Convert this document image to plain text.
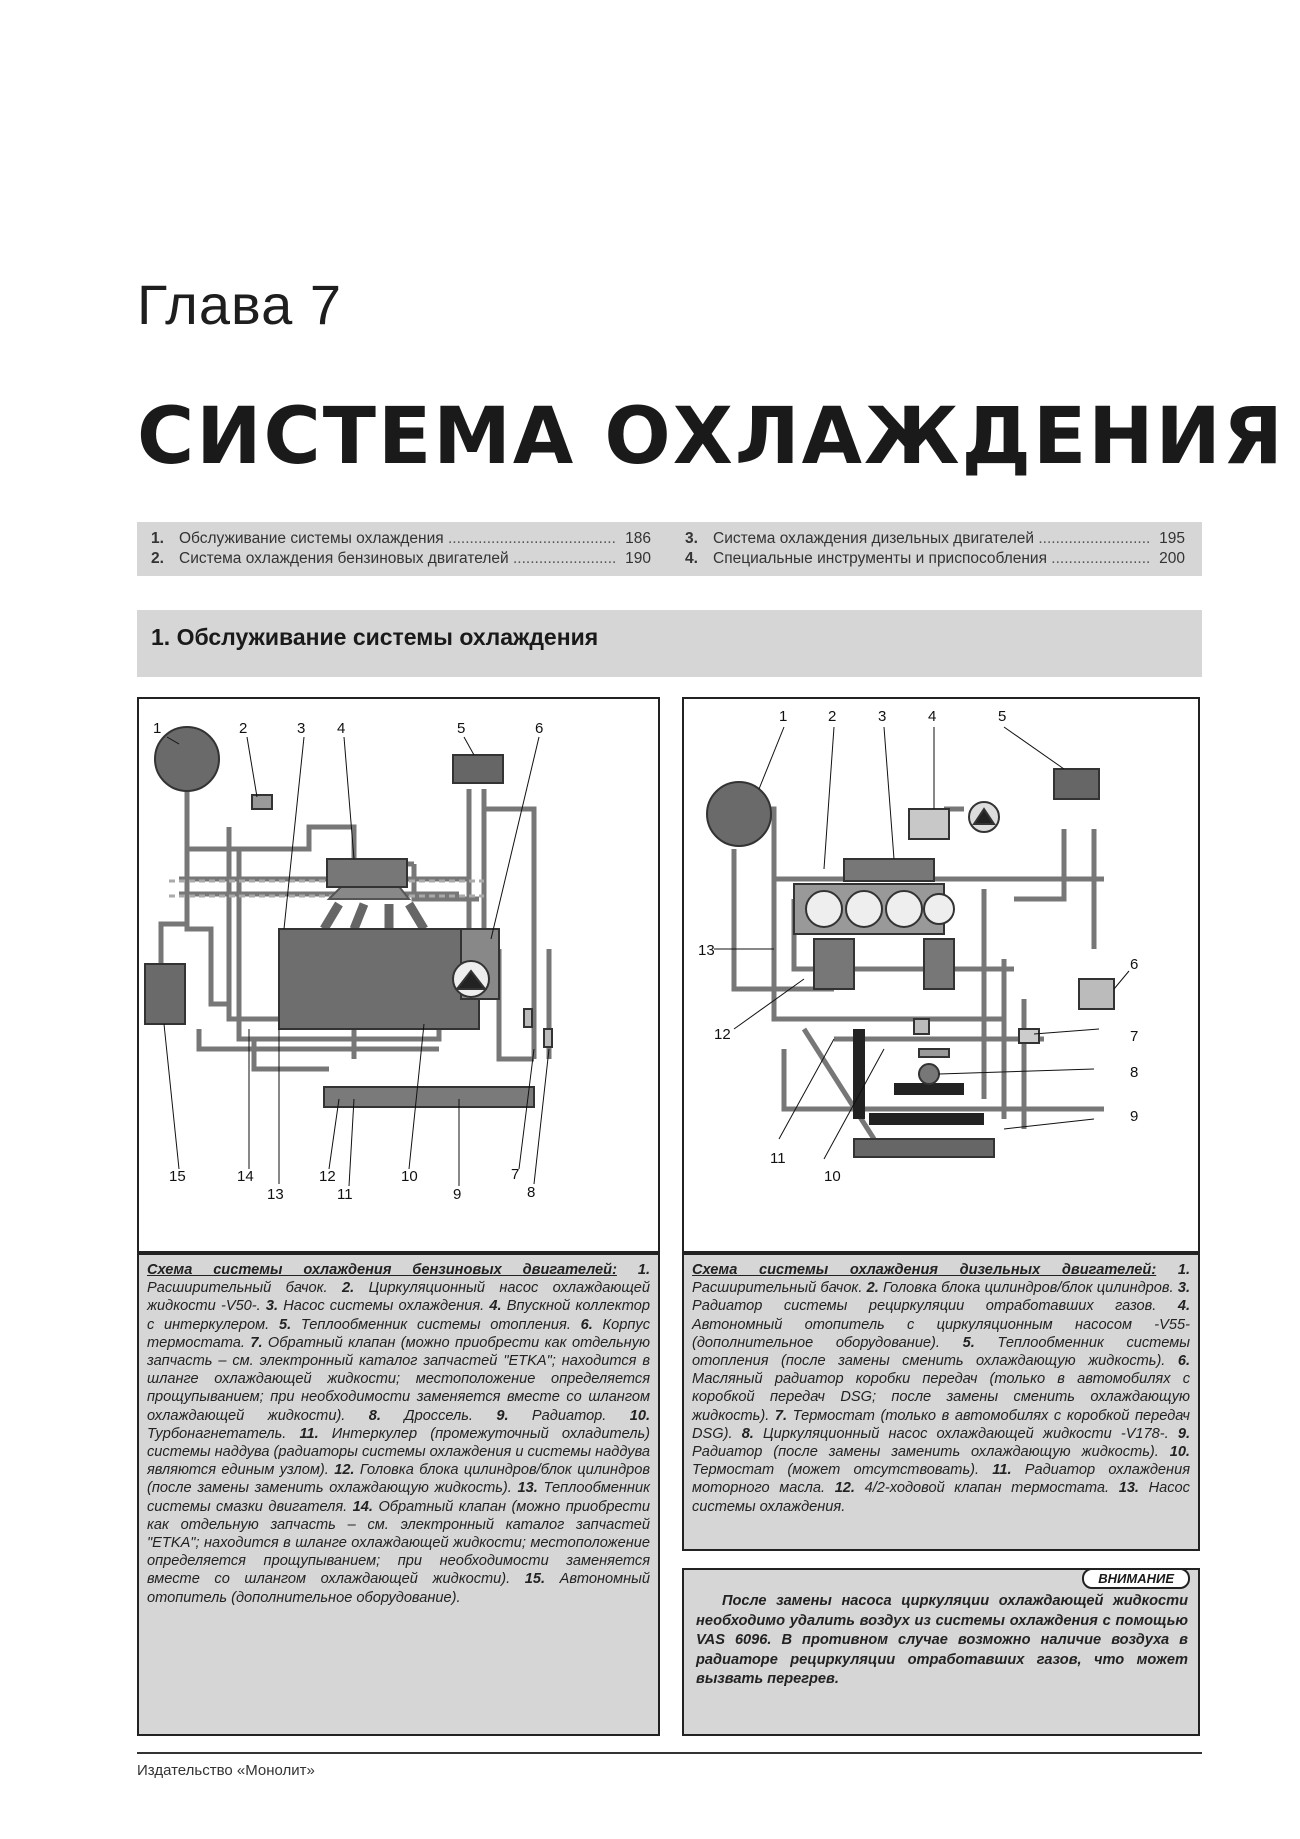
Глава 7
СИСТЕМА ОХЛАЖДЕНИЯ
1. Обслуживание системы охлаждения .....	186
2. Система охлаждения бензиновых двигателей .....	190
3. Система охлаждения дизельных двигателей .....	195
4. Специальные инструменты и приспособления .....	200
1. Обслуживание системы охлаждения
1	2	3 4	5	6
7
8
9
10
11
12
13
14
15
1	2	3	4	5
6
7
8
9
10
11
12
13
Схема системы охлаждения бензиновых двигателей: 1. Расширительный бачок. 2. Циркуляционный насос охлаждающей жидкости -V50-. 3. Насос системы охлаждения. 4. Впускной коллектор с интеркулером. 5. Теплообменник системы отопления. 6. Корпус термостата. 7. Обратный клапан (можно приобрести как отдельную запчасть – см. электронный каталог запчастей "ETKA"; находится в шланге охлаждающей жидкости; местоположение определяется прощупыванием; при необходимости заменяется вместе со шлангом охлаждающей жидкости). 8. Дроссель. 9. Радиатор. 10. Турбонагнетатель. 11. Интеркулер (промежуточный охладитель) системы наддува (радиаторы системы охлаждения и системы наддува являются единым узлом). 12. Головка блока цилиндров/блок цилиндров (после замены заменить охлаждающую жидкость). 13. Теплообменник системы смазки двигателя. 14. Обратный клапан (можно приобрести как отдельную запчасть – см. электронный каталог запчастей "ETKA"; находится в шланге охлаждающей жидкости; местоположение определяется прощупыванием; при необходимости заменяется вместе со шлангом охлаждающей жидкости). 15. Автономный отопитель (дополнительное оборудование).
Схема системы охлаждения дизельных двигателей: 1. Расширительный бачок. 2. Головка блока цилиндров/блок цилиндров. 3. Радиатор системы рециркуляции отработавших газов. 4. Автономный отопитель с циркуляционным насосом -V55- (дополнительное оборудование). 5. Теплообменник системы отопления (после замены сменить охлаждающую жидкость). 6. Масляный радиатор коробки передач (только в автомобилях с коробкой передач DSG; после замены сменить охлаждающую жидкость). 7. Термостат (только в автомобилях с коробкой передач DSG). 8. Циркуляционный насос охлаждающей жидкости -V178-. 9. Радиатор (после замены заменить охлаждающую жидкость). 10. Термостат (может отсутствовать). 11. Радиатор охлаждения моторного масла. 12. 4/2-ходовой клапан термостата. 13. Насос системы охлаждения.
ВНИМАНИЕ
После замены насоса циркуляции охлаждающей жидкости необходимо удалить воздух из системы охлаждения с помощью VAS 6096. В противном случае возможно наличие воздуха в радиаторе рециркуляции отработавших газов, что может вызвать перегрев.
Издательство «Монолит»
